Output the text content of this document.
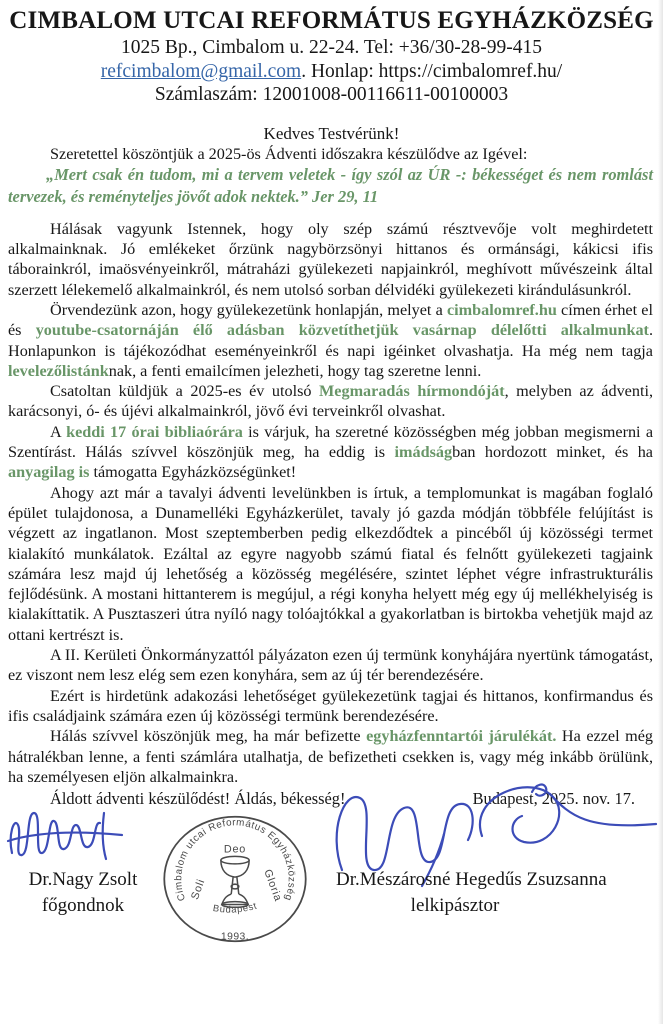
CIMBALOM UTCAI REFORMÁTUS EGYHÁZKÖZSÉG
1025 Bp., Cimbalom u. 22-24. Tel: +36/30-28-99-415
refcimbalom@gmail.com. Honlap: https://cimbalomref.hu/
Számlaszám: 12001008-00116611-00100003
Kedves Testvérünk!

Szeretettel köszöntjük a 2025-ös Ádventi időszakra készülődve az Igével:

„Mert csak én tudom, mi a tervem veletek - így szól az ÚR -: békességet és nem romlást tervezek, és reményteljes jövőt adok nektek.” Jer 29, 11

Hálásak vagyunk Istennek, hogy oly szép számú résztvevője volt meghirdetett alkalmainknak. Jó emlékeket őrzünk nagybörzsönyi hittanos és ormánsági, kákicsi ifis táborainkról, imaösvényeinkről, mátraházi gyülekezeti napjainkról, meghívott művészeink által szerzett lélekemelő alkalmainkról, és nem utolsó sorban délvidéki gyülekezeti kirándulásunkról.

Örvendezünk azon, hogy gyülekezetünk honlapján, melyet a cimbalomref.hu címen érhet el és youtube-csatornáján élő adásban közvetíthetjük vasárnap délelőtti alkalmunkat. Honlapunkon is tájékozódhat eseményeinkről és napi igéinket olvashatja. Ha még nem tagja levelezőlistánknak, a fenti emailcímen jelezheti, hogy tag szeretne lenni.

Csatoltan küldjük a 2025-es év utolsó Megmaradás hírmondóját, melyben az ádventi, karácsonyi, ó- és újévi alkalmainkról, jövő évi terveinkről olvashat.

A keddi 17 órai bibliaórára is várjuk, ha szeretné közösségben még jobban megismerni a Szentírást. Hálás szívvel köszönjük meg, ha eddig is imádságban hordozott minket, és ha anyagilag is támogatta Egyházközségünket!

Ahogy azt már a tavalyi ádventi levelünkben is írtuk, a templomunkat is magában foglaló épület tulajdonosa, a Dunamelléki Egyházkerület, tavaly jó gazda módján többféle felújítást is végzett az ingatlanon. Most szeptemberben pedig elkezdődtek a pincéből új közösségi termet kialakító munkálatok. Ezáltal az egyre nagyobb számú fiatal és felnőtt gyülekezeti tagjaink számára lesz majd új lehetőség a közösség megélésére, szintet léphet végre infrastrukturális fejlődésünk. A mostani hittanterem is megújul, a régi konyha helyett még egy új mellékhelyiség is kialakíttatik. A Pusztaszeri útra nyíló nagy tolóajtókkal a gyakorlatban is birtokba vehetjük majd az ottani kertrészt is.

A II. Kerületi Önkormányzattól pályázaton ezen új termünk konyhájára nyertünk támogatást, ez viszont nem lesz elég sem ezen konyhára, sem az új tér berendezésére.

Ezért is hirdetünk adakozási lehetőséget gyülekezetünk tagjai és hittanos, konfirmandus és ifis családjaink számára ezen új közösségi termünk berendezésére.

Hálás szívvel köszönjük meg, ha már befizette egyházfenntartói járulékát. Ha ezzel még hátralékban lenne, a fenti számlára utalhatja, de befizetheti csekken is, vagy még inkább örülünk, ha személyesen eljön alkalmainkra.

Áldott ádventi készülődést! Áldás, békesség!	Budapest, 2025. nov. 17.
Dr.Nagy Zsolt
főgondnok	Cimbalom utcai Református Egyházközség
Deo
Soli	Gloria
Budapest
1993.
Dr.Mészárosné Hegedűs Zsuzsanna
lelkipásztor
